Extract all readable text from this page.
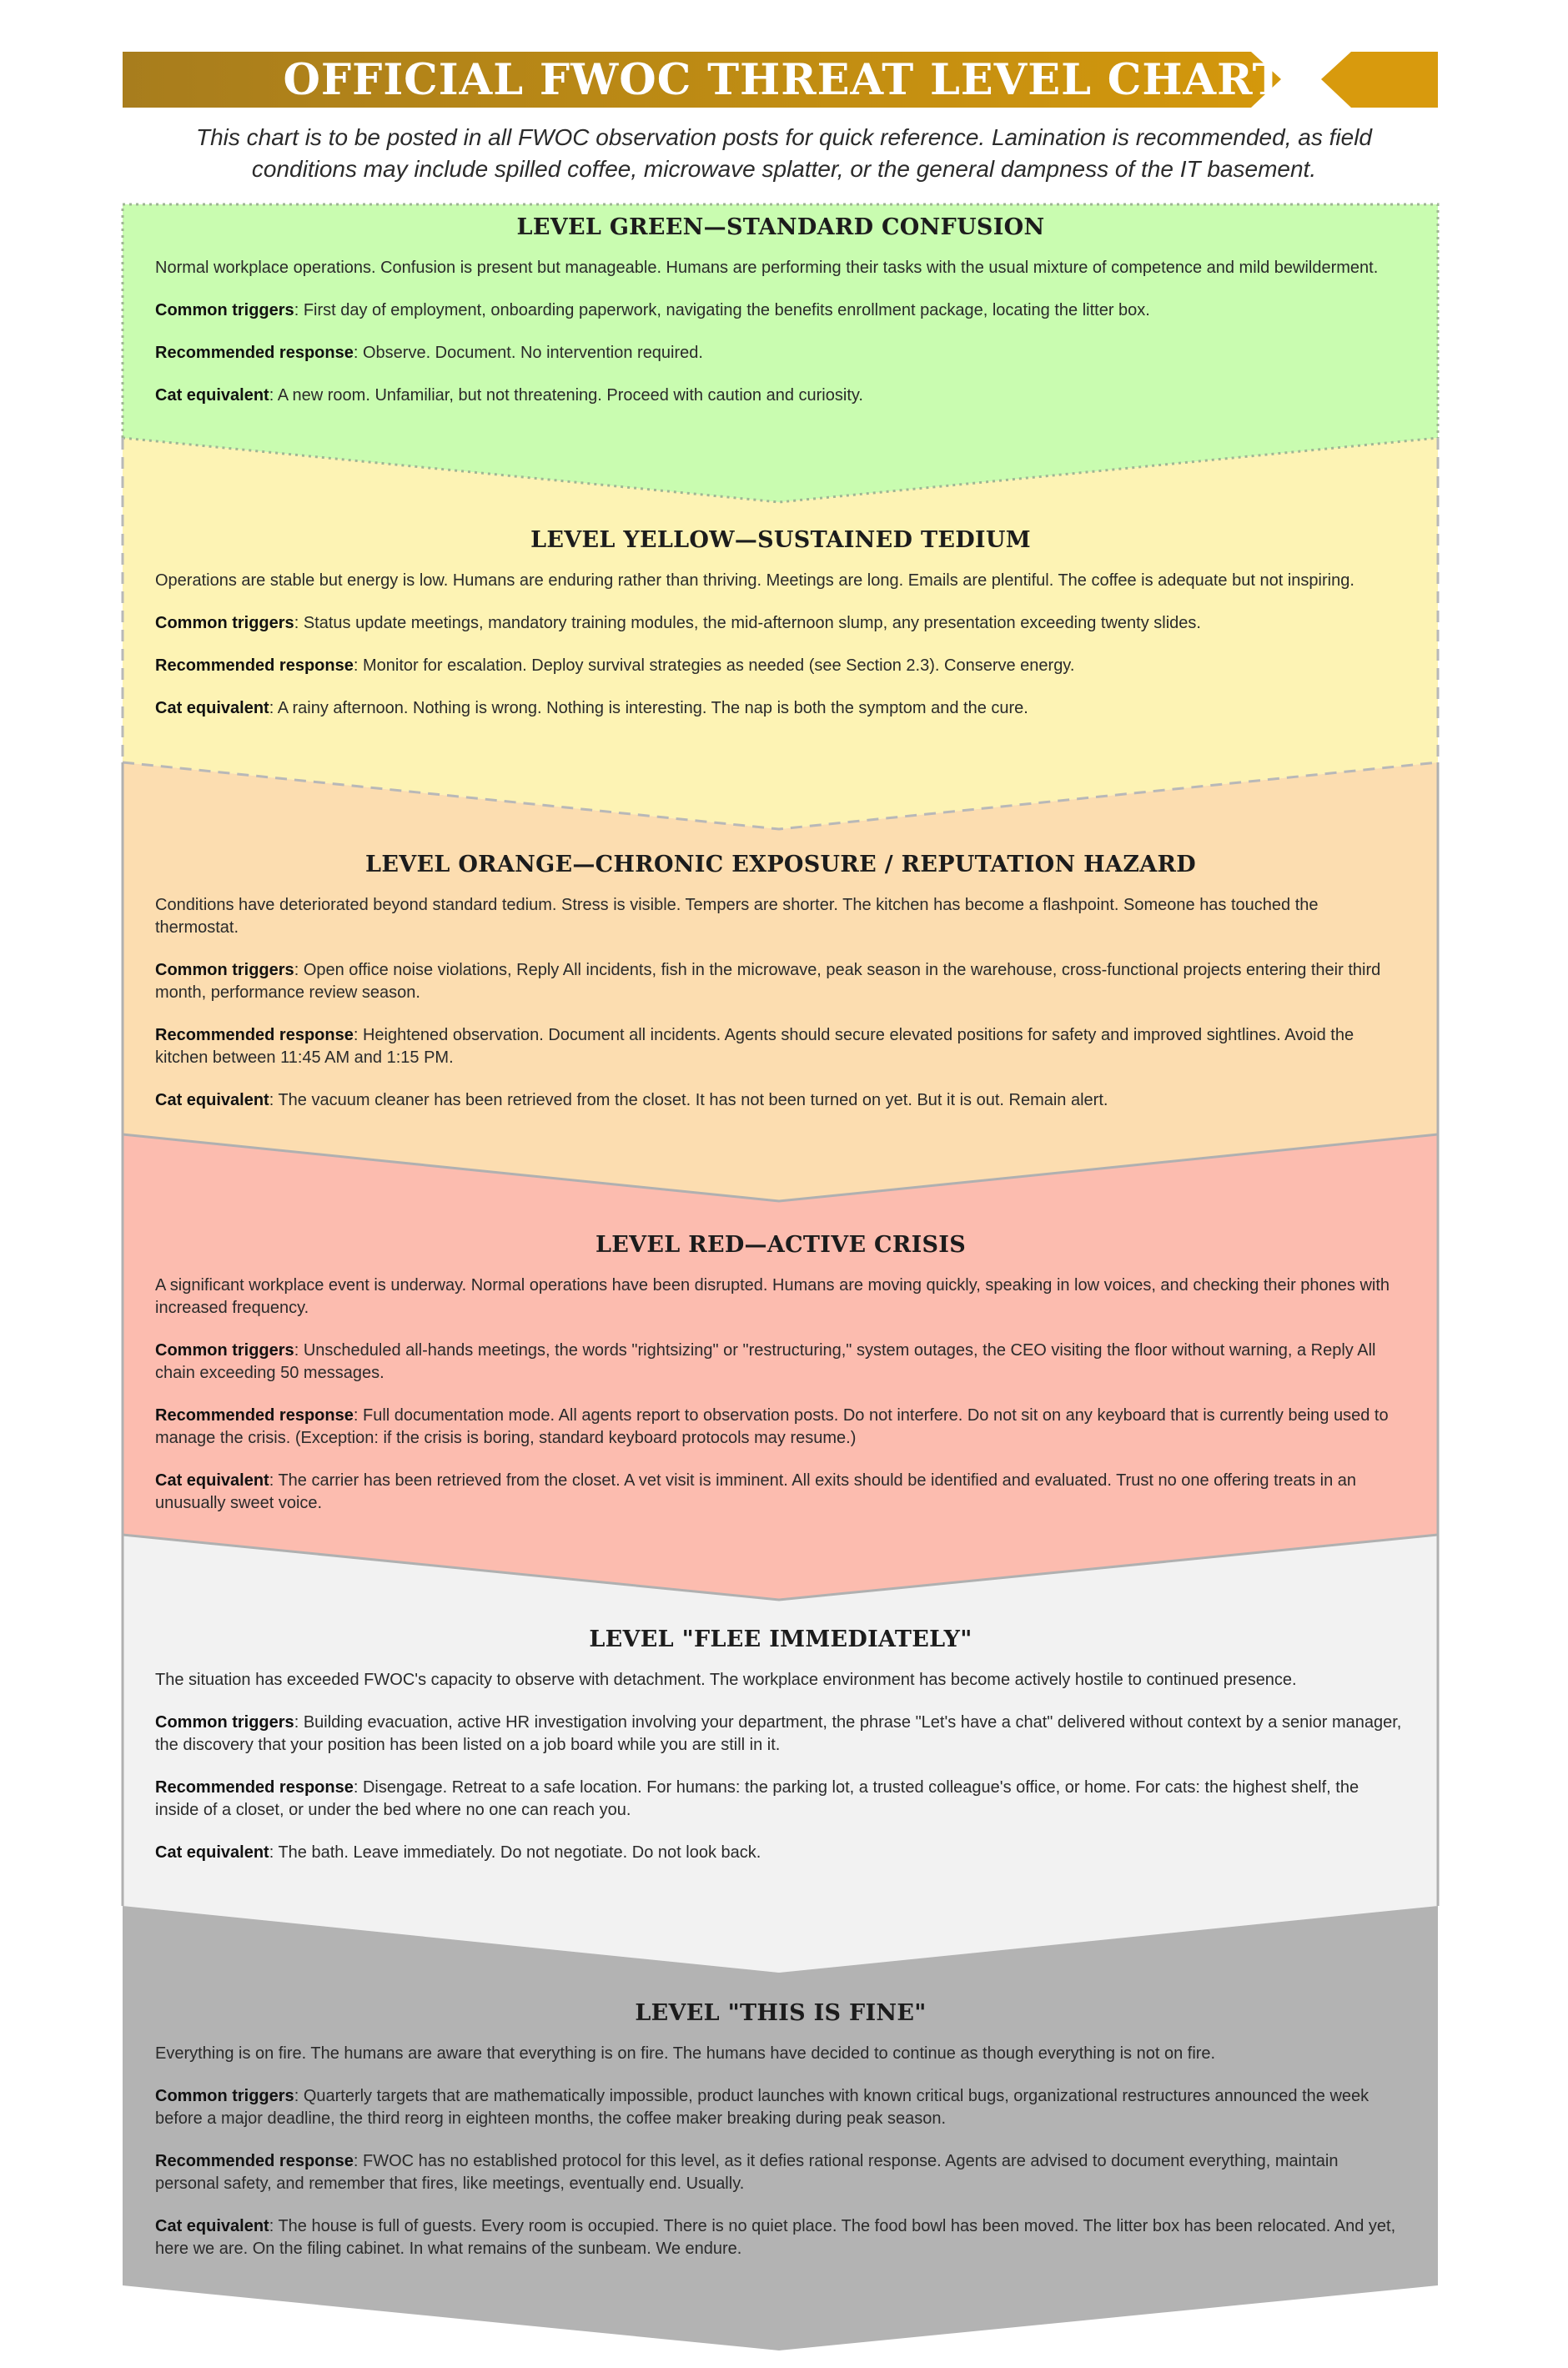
OFFICIAL FWOC THREAT LEVEL CHART
This chart is to be posted in all FWOC observation posts for quick reference. Lamination is recommended, as field conditions may include spilled coffee, microwave splatter, or the general dampness of the IT basement.
LEVEL GREEN—STANDARD CONFUSION

Normal workplace operations. Confusion is present but manageable. Humans are performing their tasks with the usual mixture of competence and mild bewilderment.

Common triggers: First day of employment, onboarding paperwork, navigating the benefits enrollment package, locating the litter box.

Recommended response: Observe. Document. No intervention required.

Cat equivalent: A new room. Unfamiliar, but not threatening. Proceed with caution and curiosity.

LEVEL YELLOW—SUSTAINED TEDIUM

Operations are stable but energy is low. Humans are enduring rather than thriving. Meetings are long. Emails are plentiful. The coffee is adequate but not inspiring.

Common triggers: Status update meetings, mandatory training modules, the mid-afternoon slump, any presentation exceeding twenty slides.

Recommended response: Monitor for escalation. Deploy survival strategies as needed (see Section 2.3). Conserve energy.

Cat equivalent: A rainy afternoon. Nothing is wrong. Nothing is interesting. The nap is both the symptom and the cure.

LEVEL ORANGE—CHRONIC EXPOSURE / REPUTATION HAZARD

Conditions have deteriorated beyond standard tedium. Stress is visible. Tempers are shorter. The kitchen has become a flashpoint. Someone has touched the thermostat.

Common triggers: Open office noise violations, Reply All incidents, fish in the microwave, peak season in the warehouse, cross-functional projects entering their third month, performance review season.

Recommended response: Heightened observation. Document all incidents. Agents should secure elevated positions for safety and improved sightlines. Avoid the kitchen between 11:45 AM and 1:15 PM.

Cat equivalent: The vacuum cleaner has been retrieved from the closet. It has not been turned on yet. But it is out. Remain alert.

LEVEL RED—ACTIVE CRISIS

A significant workplace event is underway. Normal operations have been disrupted. Humans are moving quickly, speaking in low voices, and checking their phones with increased frequency.

Common triggers: Unscheduled all-hands meetings, the words "rightsizing" or "restructuring," system outages, the CEO visiting the floor without warning, a Reply All chain exceeding 50 messages.

Recommended response: Full documentation mode. All agents report to observation posts. Do not interfere. Do not sit on any keyboard that is currently being used to manage the crisis. (Exception: if the crisis is boring, standard keyboard protocols may resume.)

Cat equivalent: The carrier has been retrieved from the closet. A vet visit is imminent. All exits should be identified and evaluated. Trust no one offering treats in an unusually sweet voice.

LEVEL "FLEE IMMEDIATELY"

The situation has exceeded FWOC's capacity to observe with detachment. The workplace environment has become actively hostile to continued presence.

Common triggers: Building evacuation, active HR investigation involving your department, the phrase "Let's have a chat" delivered without context by a senior manager, the discovery that your position has been listed on a job board while you are still in it.

Recommended response: Disengage. Retreat to a safe location. For humans: the parking lot, a trusted colleague's office, or home. For cats: the highest shelf, the inside of a closet, or under the bed where no one can reach you.

Cat equivalent: The bath. Leave immediately. Do not negotiate. Do not look back.

LEVEL "THIS IS FINE"

Everything is on fire. The humans are aware that everything is on fire. The humans have decided to continue as though everything is not on fire.

Common triggers: Quarterly targets that are mathematically impossible, product launches with known critical bugs, organizational restructures announced the week before a major deadline, the third reorg in eighteen months, the coffee maker breaking during peak season.

Recommended response: FWOC has no established protocol for this level, as it defies rational response. Agents are advised to document everything, maintain personal safety, and remember that fires, like meetings, eventually end. Usually.

Cat equivalent: The house is full of guests. Every room is occupied. There is no quiet place. The food bowl has been moved. The litter box has been relocated. And yet, here we are. On the filing cabinet. In what remains of the sunbeam. We endure.
